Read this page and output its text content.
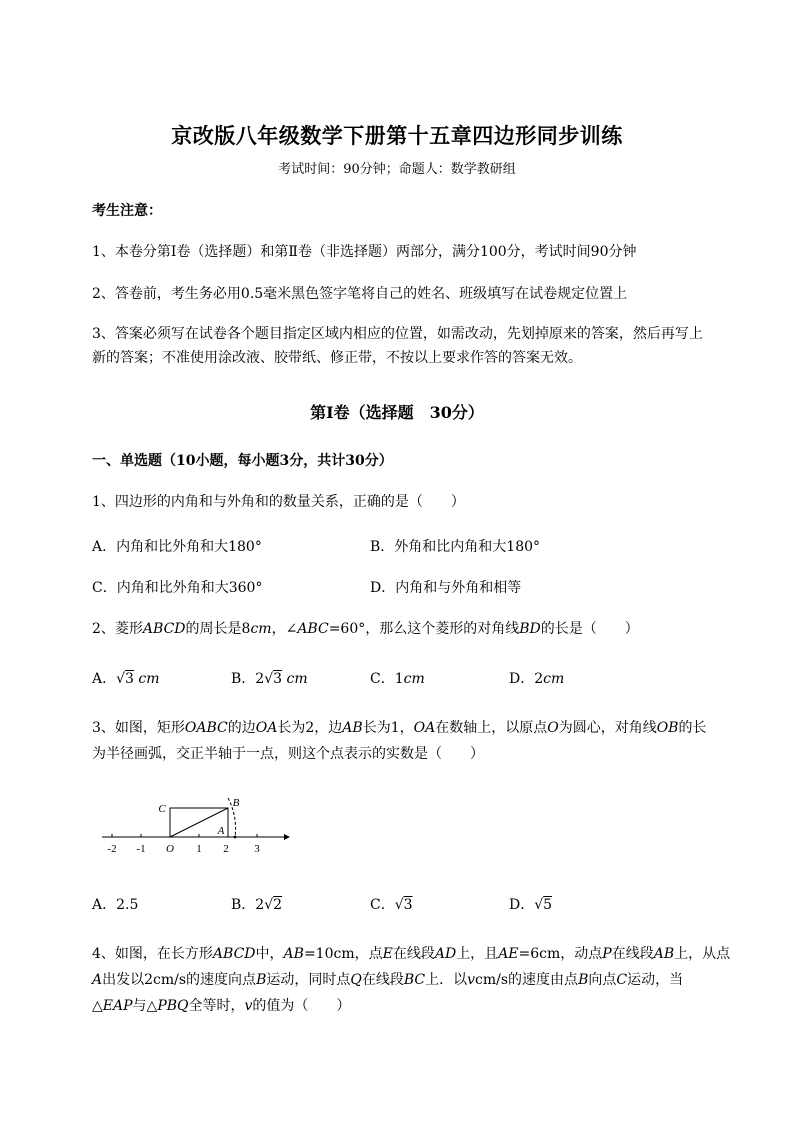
京改版八年级数学下册第十五章四边形同步训练
考试时间：90分钟；命题人：数学教研组
考生注意：
1、本卷分第I卷（选择题）和第Ⅱ卷（非选择题）两部分，满分100分，考试时间90分钟
2、答卷前，考生务必用0.5毫米黑色签字笔将自己的姓名、班级填写在试卷规定位置上
3、答案必须写在试卷各个题目指定区域内相应的位置，如需改动，先划掉原来的答案，然后再写上新的答案；不准使用涂改液、胶带纸、修正带，不按以上要求作答的答案无效。
第I卷（选择题　30分）
一、单选题（10小题，每小题3分，共计30分）
1、四边形的内角和与外角和的数量关系，正确的是（　　）
A．内角和比外角和大180°	B．外角和比内角和大180°
C．内角和比外角和大360°	D．内角和与外角和相等
2、菱形ABCD的周长是8cm，∠ABC=60°，那么这个菱形的对角线BD的长是（　　）
A．√3 cm	B．2√3 cm	C．1cm	D．2cm
3、如图，矩形OABC的边OA长为2，边AB长为1，OA在数轴上，以原点O为圆心，对角线OB的长
为半径画弧，交正半轴于一点，则这个点表示的实数是（　　）
-2 -1 O 1 2 3
C	B
A
A．2.5	B．2√2	C．√3	D．√5
4、如图，在长方形ABCD中，AB=10cm，点E在线段AD上，且AE=6cm，动点P在线段AB上，从点
A出发以2cm/s的速度向点B运动，同时点Q在线段BC上．以vcm/s的速度由点B向点C运动，当
△EAP与△PBQ全等时，v的值为（　　）
